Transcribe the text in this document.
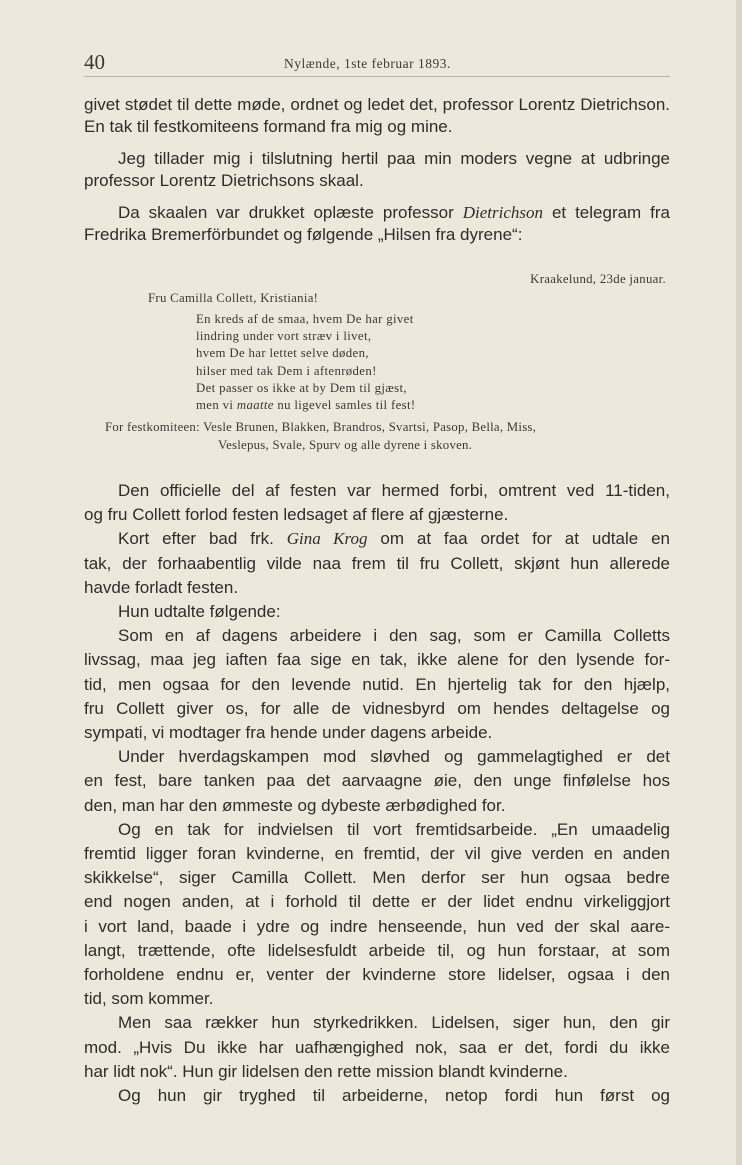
40	Nylænde, 1ste februar 1893.

givet stødet til dette møde, ordnet og ledet det, professor Lorentz Dietrichson. En tak til festkomiteens formand fra mig og mine.

Jeg tillader mig i tilslutning hertil paa min moders vegne at udbringe professor Lorentz Dietrichsons skaal.

Da skaalen var drukket oplæste professor Dietrichson et telegram fra Fredrika Bremerförbundet og følgende „Hilsen fra dyrene“:

Kraakelund, 23de januar.
Fru Camilla Collett, Kristiania!
En kreds af de smaa, hvem De har givet
lindring under vort stræv i livet,
hvem De har lettet selve døden,
hilser med tak Dem i aftenrøden!
Det passer os ikke at by Dem til gjæst,
men vi maatte nu ligevel samles til fest!
For festkomiteen: Vesle Brunen, Blakken, Brandros, Svartsi, Pasop, Bella, Miss,
Veslepus, Svale, Spurv og alle dyrene i skoven.
Den officielle del af festen var hermed forbi, omtrent ved 11-tiden,
og fru Collett forlod festen ledsaget af flere af gjæsterne.
Kort efter bad frk. Gina Krog om at faa ordet for at udtale en
tak, der forhaabentlig vilde naa frem til fru Collett, skjønt hun allerede
havde forladt festen.
Hun udtalte følgende:
Som en af dagens arbeidere i den sag, som er Camilla Colletts
livssag, maa jeg iaften faa sige en tak, ikke alene for den lysende for-
tid, men ogsaa for den levende nutid. En hjertelig tak for den hjælp,
fru Collett giver os, for alle de vidnesbyrd om hendes deltagelse og
sympati, vi modtager fra hende under dagens arbeide.
Under hverdagskampen mod sløvhed og gammelagtighed er det
en fest, bare tanken paa det aarvaagne øie, den unge finfølelse hos
den, man har den ømmeste og dybeste ærbødighed for.
Og en tak for indvielsen til vort fremtidsarbeide. „En umaadelig
fremtid ligger foran kvinderne, en fremtid, der vil give verden en anden
skikkelse“, siger Camilla Collett. Men derfor ser hun ogsaa bedre
end nogen anden, at i forhold til dette er der lidet endnu virkeliggjort
i vort land, baade i ydre og indre henseende, hun ved der skal aare-
langt, trættende, ofte lidelsesfuldt arbeide til, og hun forstaar, at som
forholdene endnu er, venter der kvinderne store lidelser, ogsaa i den
tid, som kommer.
Men saa rækker hun styrkedrikken. Lidelsen, siger hun, den gir
mod. „Hvis Du ikke har uafhængighed nok, saa er det, fordi du ikke
har lidt nok“. Hun gir lidelsen den rette mission blandt kvinderne.
Og hun gir tryghed til arbeiderne, netop fordi hun først og
